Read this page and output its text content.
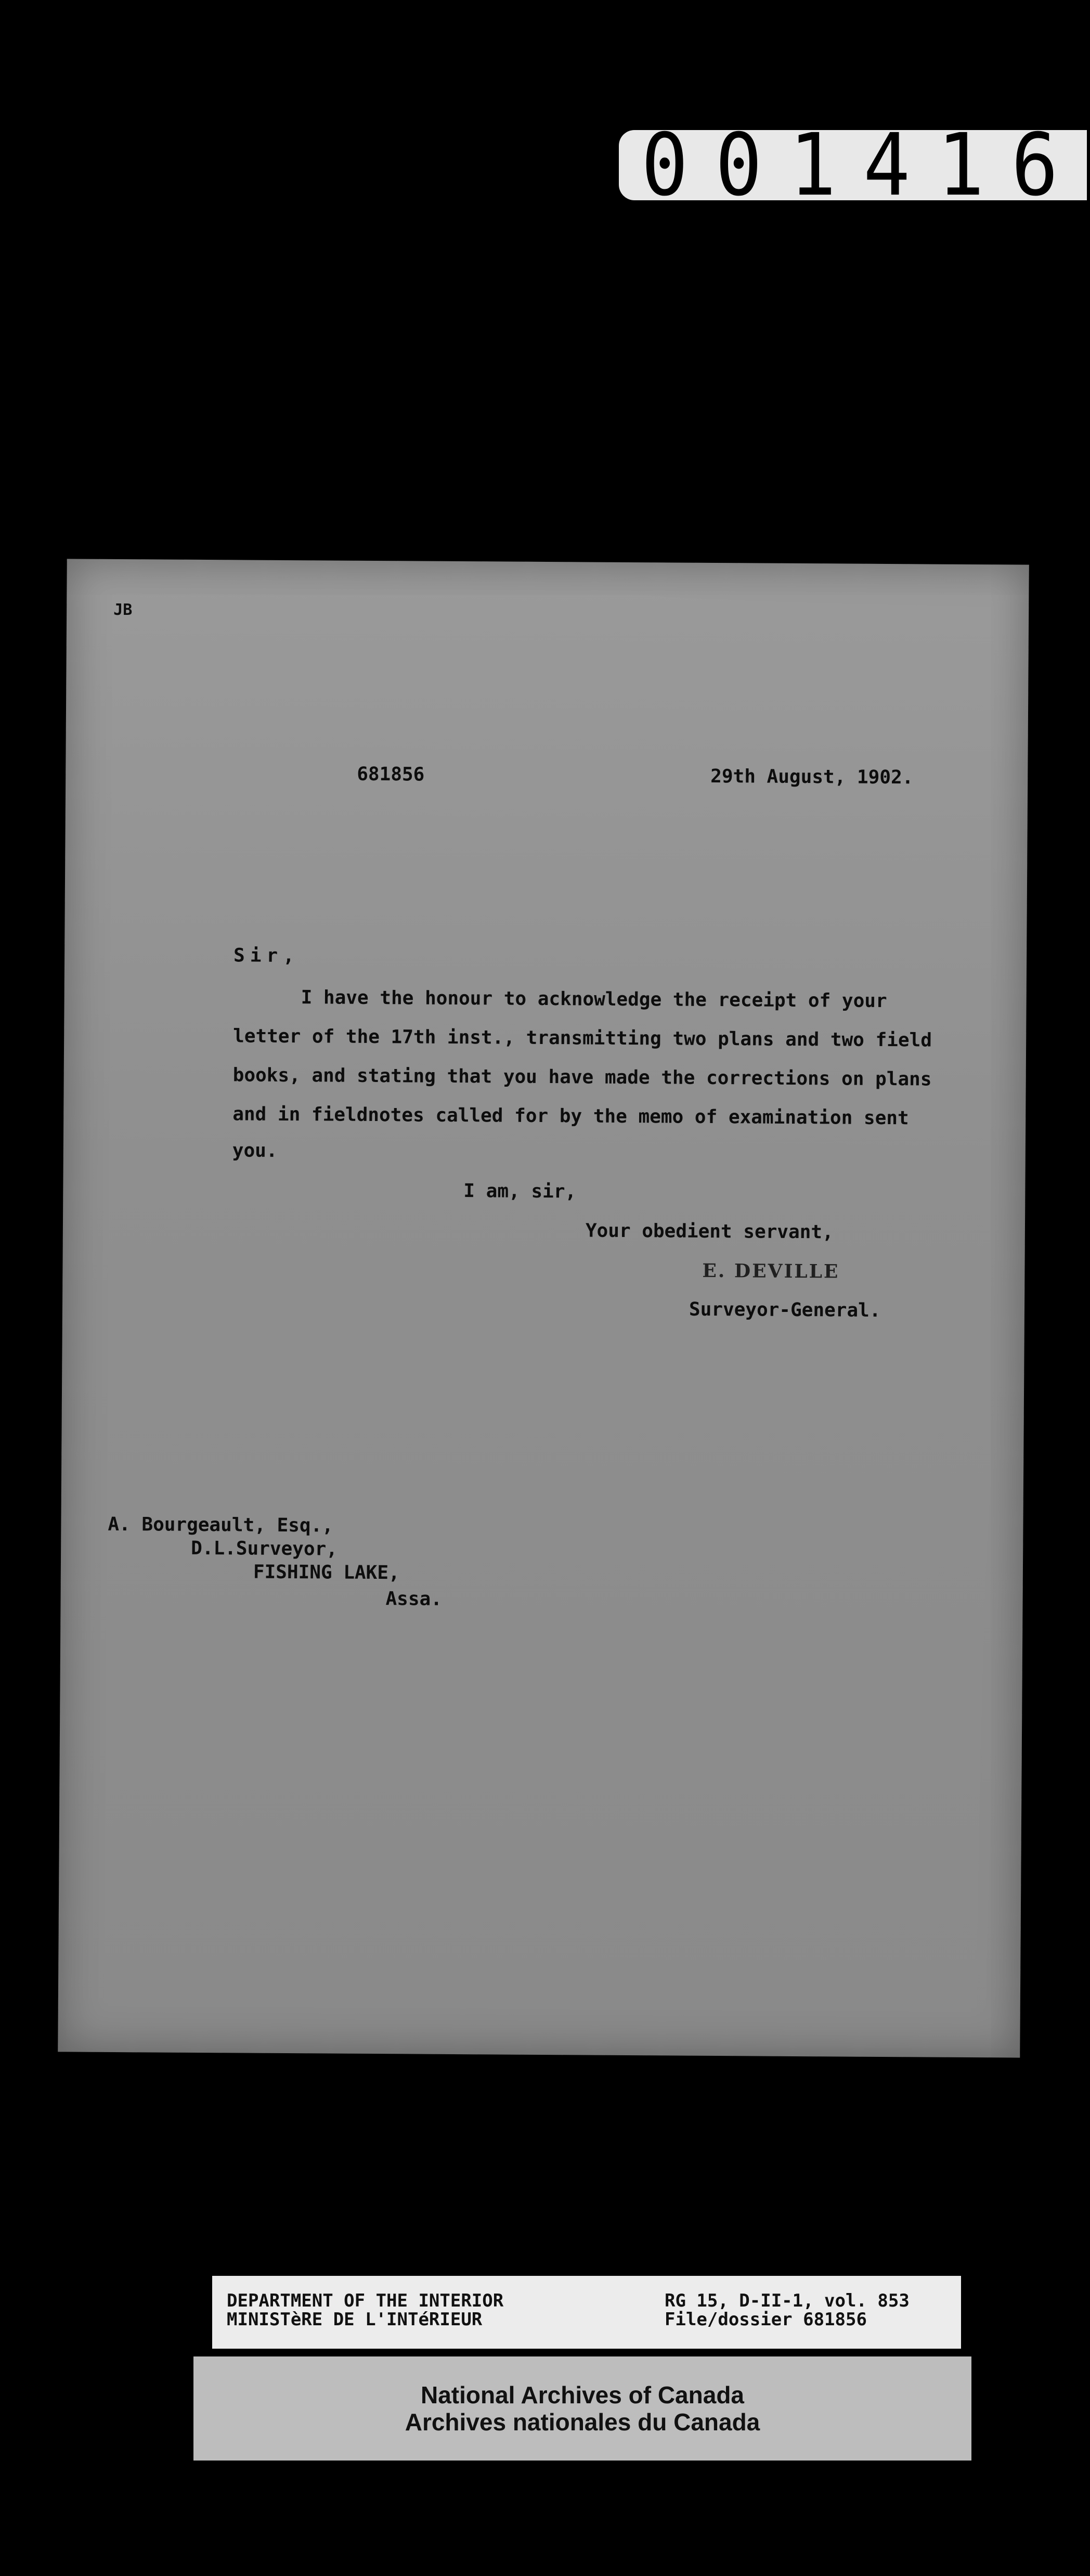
001416
JB
681856	29th August, 1902.
Sir,
I have the honour to acknowledge the receipt of your
letter of the 17th inst., transmitting two plans and two field
books, and stating that you have made the corrections on plans
and in fieldnotes called for by the memo of examination sent
you.
I am, sir,
Your obedient servant,
E. DEVILLE
Surveyor-General.
A. Bourgeault, Esq.,
D.L.Surveyor,
FISHING LAKE,
Assa.
DEPARTMENT OF THE INTERIOR
MINISTèRE DE L'INTéRIEUR
RG 15, D-II-1, vol. 853
File/dossier 681856
National Archives of Canada
Archives nationales du Canada
